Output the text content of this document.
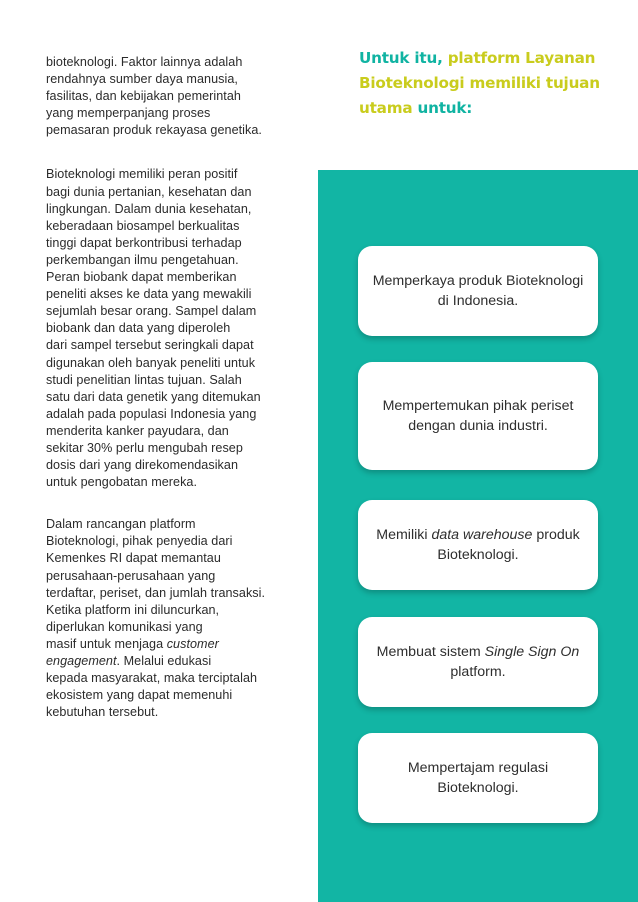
bioteknologi. Faktor lainnya adalah
rendahnya sumber daya manusia,
fasilitas, dan kebijakan pemerintah
yang memperpanjang proses
pemasaran produk rekayasa genetika.

Bioteknologi memiliki peran positif
bagi dunia pertanian, kesehatan dan
lingkungan. Dalam dunia kesehatan,
keberadaan biosampel berkualitas
tinggi dapat berkontribusi terhadap
perkembangan ilmu pengetahuan.
Peran biobank dapat memberikan
peneliti akses ke data yang mewakili
sejumlah besar orang. Sampel dalam
biobank dan data yang diperoleh
dari sampel tersebut seringkali dapat
digunakan oleh banyak peneliti untuk
studi penelitian lintas tujuan. Salah
satu dari data genetik yang ditemukan
adalah pada populasi Indonesia yang
menderita kanker payudara, dan
sekitar 30% perlu mengubah resep
dosis dari yang direkomendasikan
untuk pengobatan mereka.

Dalam rancangan platform
Bioteknologi, pihak penyedia dari
Kemenkes RI dapat memantau
perusahaan-perusahaan yang
terdaftar, periset, dan jumlah transaksi.
Ketika platform ini diluncurkan,
diperlukan komunikasi yang
masif untuk menjaga customer
engagement. Melalui edukasi
kepada masyarakat, maka terciptalah
ekosistem yang dapat memenuhi
kebutuhan tersebut.

Untuk itu, platform Layanan Bioteknologi memiliki tujuan utama untuk:
Memperkaya produk Bioteknologi di Indonesia.
Mempertemukan pihak periset dengan dunia industri.
Memiliki data warehouse produk Bioteknologi.
Membuat sistem Single Sign On platform.
Mempertajam regulasi Bioteknologi.
